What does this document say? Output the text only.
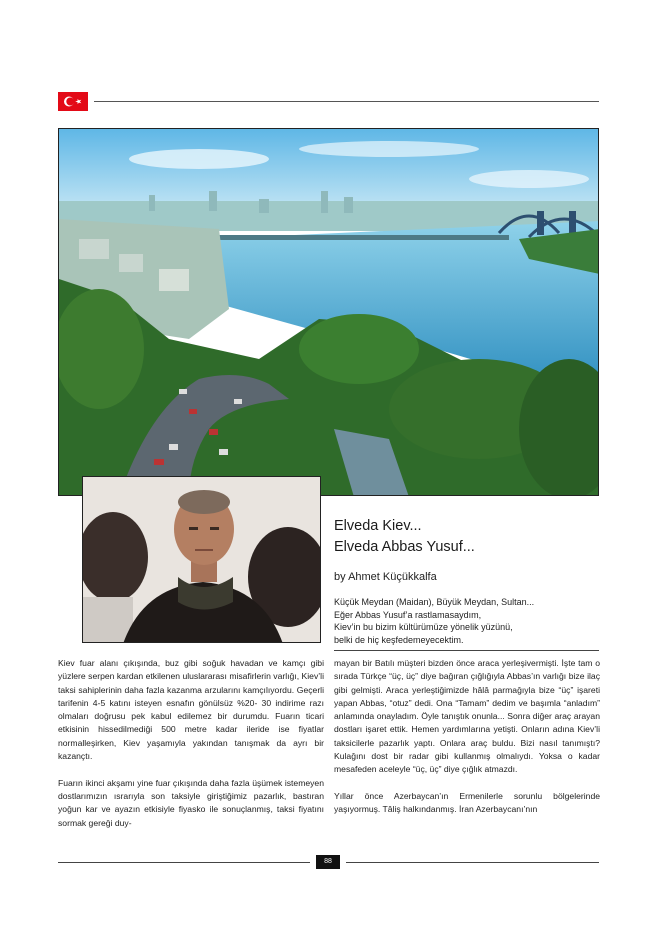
Elveda Kiev...
Elveda Abbas Yusuf...
by Ahmet Küçükkalfa
Küçük Meydan (Maidan), Büyük Meydan, Sultan...
Eğer Abbas Yusuf’a rastlamasaydım,
Kiev’in bu bizim kültürümüze yönelik yüzünü,
belki de hiç keşfedemeyecektim.

Kiev fuar alanı çıkışında, buz gibi soğuk havadan ve kamçı gibi yüzlere serpen kardan etkilenen uluslararası misafirlerin varlığı, Kiev’li taksi sahiplerinin daha fazla kazanma arzularını kamçılıyordu. Geçerli tarifenin 4-5 katını isteyen esnafın gönülsüz %20- 30 indirime razı olmaları doğrusu pek kabul edilemez bir durumdu. Fuarın ticari etkisinin hissedilmediği 500 metre kadar ileride ise fiyatlar normalleşirken, Kiev yaşamıyla yakından tanışmak da ayrı bir kazançtı.

Fuarın ikinci akşamı yine fuar çıkışında daha fazla üşümek istemeyen dostlarımızın ısrarıyla son taksiyle giriştiğimiz pazarlık, bastıran yoğun kar ve ayazın etkisiyle fiyasko ile sonuçlanmış, taksi fiyatını sormak gereği duy-

mayan bir Batılı müşteri bizden önce araca yerleşivermişti. İşte tam o sırada Türkçe “üç, üç” diye bağıran çığlığıyla Abbas’ın varlığı bize ilaç gibi gelmişti. Araca yerleştiğimizde hâlâ parmağıyla bize “üç” işareti yapan Abbas, “otuz” dedi. Ona “Tamam” dedim ve başımla “anladım” anlamında onayladım. Öyle tanıştık onunla... Sonra diğer araç arayan dostları işaret ettik. Hemen yardımlarına yetişti. Onların adına Kiev’li taksicilerle pazarlık yaptı. Onlara araç buldu. Bizi nasıl tanımıştı? Kulağını dost bir radar gibi kullanmış olmalıydı. Yoksa o kadar mesafeden aceleyle “üç, üç” diye çığlık atmazdı.

Yıllar önce Azerbaycan’ın Ermenilerle sorunlu bölgelerinde yaşıyormuş. Tâliş halkındanmış. İran Azerbaycanı’nın

88
